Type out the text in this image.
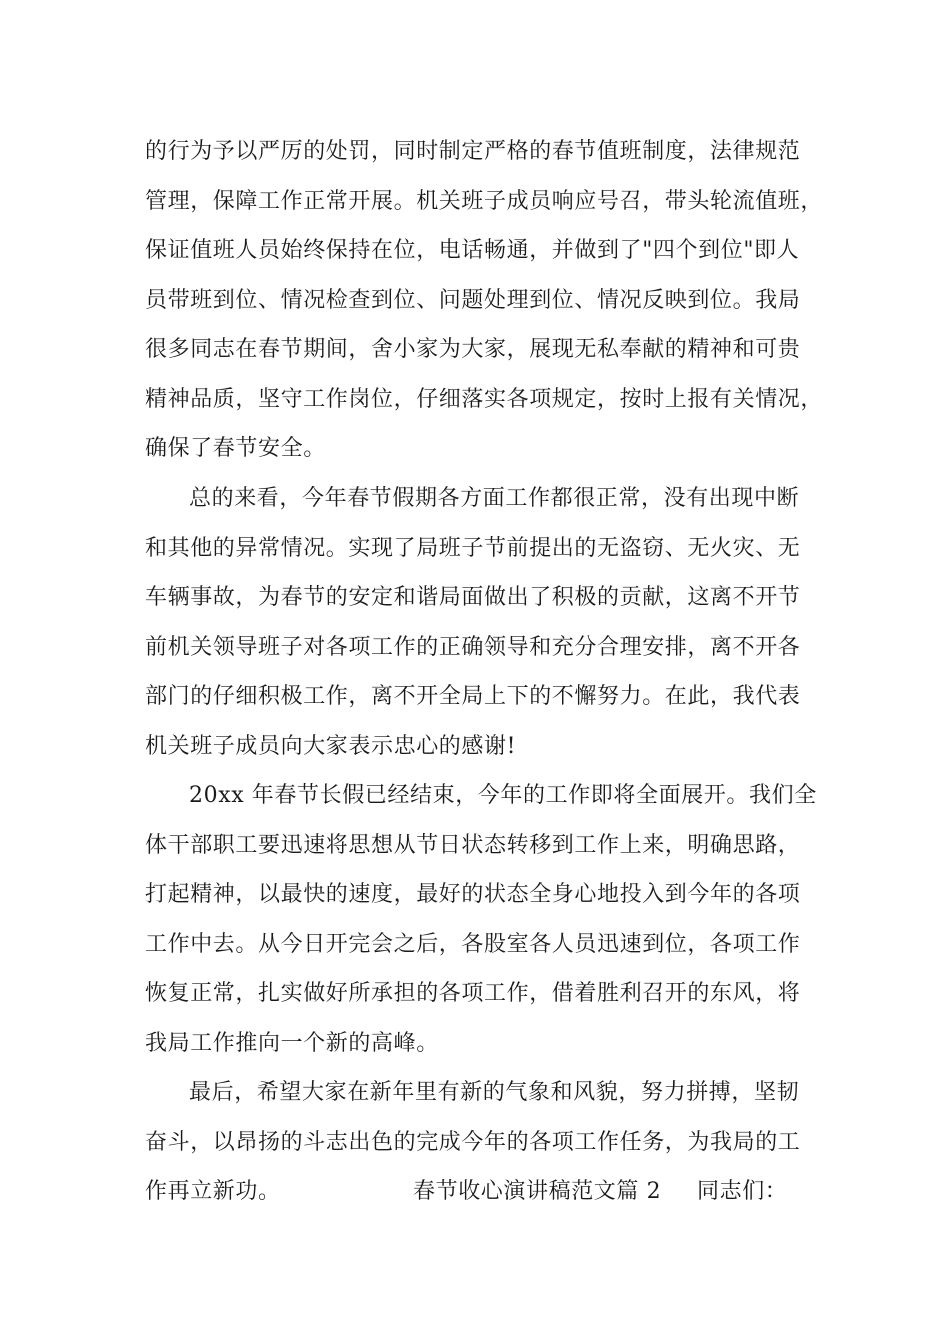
的行为予以严厉的处罚，同时制定严格的春节值班制度，法律规范
管理，保障工作正常开展。机关班子成员响应号召，带头轮流值班，
保证值班人员始终保持在位，电话畅通，并做到了"四个到位"即人
员带班到位、情况检查到位、问题处理到位、情况反映到位。我局
很多同志在春节期间，舍小家为大家，展现无私奉献的精神和可贵
精神品质，坚守工作岗位，仔细落实各项规定，按时上报有关情况，
确保了春节安全。
总的来看，今年春节假期各方面工作都很正常，没有出现中断
和其他的异常情况。实现了局班子节前提出的无盗窃、无火灾、无
车辆事故，为春节的安定和谐局面做出了积极的贡献，这离不开节
前机关领导班子对各项工作的正确领导和充分合理安排，离不开各
部门的仔细积极工作，离不开全局上下的不懈努力。在此，我代表
机关班子成员向大家表示忠心的感谢!
20xx 年春节长假已经结束，今年的工作即将全面展开。我们全
体干部职工要迅速将思想从节日状态转移到工作上来，明确思路，
打起精神，以最快的速度，最好的状态全身心地投入到今年的各项
工作中去。从今日开完会之后，各股室各人员迅速到位，各项工作
恢复正常，扎实做好所承担的各项工作，借着胜利召开的东风，将
我局工作推向一个新的高峰。
最后，希望大家在新年里有新的气象和风貌，努力拼搏，坚韧
奋斗，以昂扬的斗志出色的完成今年的各项工作任务，为我局的工
作再立新功。	春节收心演讲稿范文篇 2 同志们：
